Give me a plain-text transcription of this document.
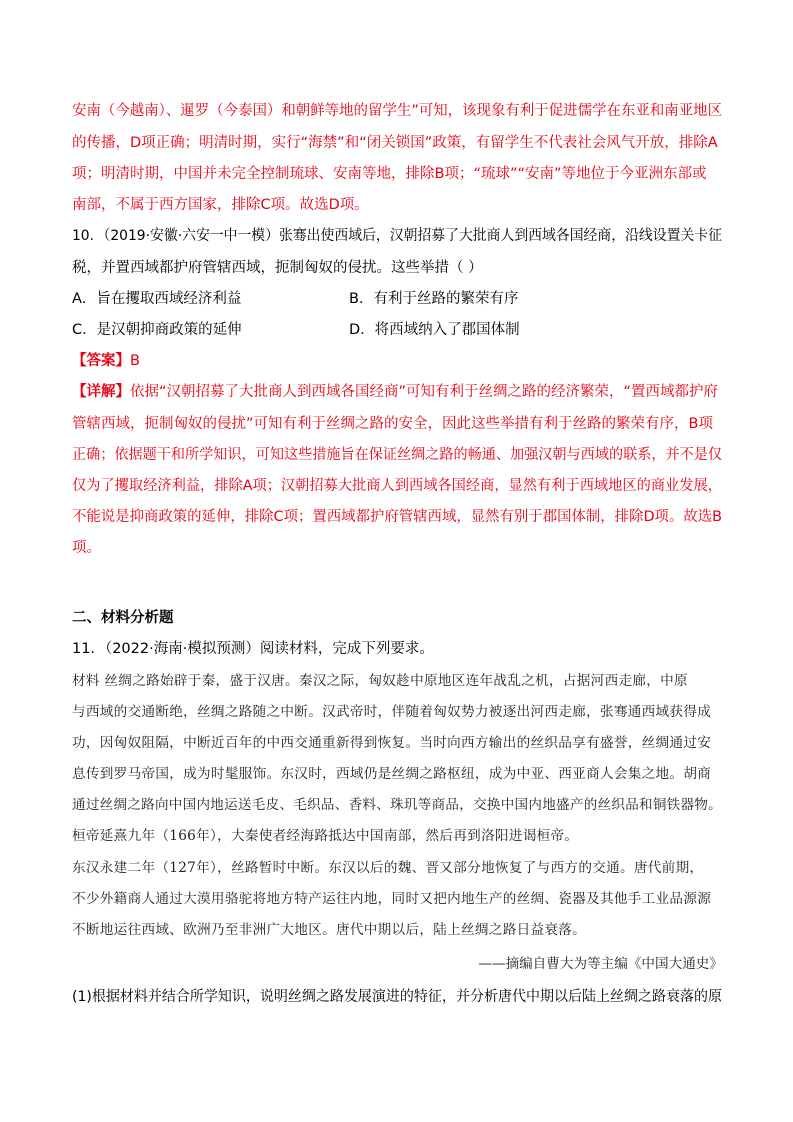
安南（今越南）、暹罗（今泰国）和朝鲜等地的留学生”可知，该现象有利于促进儒学在东亚和南亚地区
的传播，D项正确；明清时期，实行“海禁”和“闭关锁国”政策，有留学生不代表社会风气开放，排除A
项；明清时期，中国并未完全控制琉球、安南等地，排除B项；“琉球”“安南”等地位于今亚洲东部或
南部，不属于西方国家，排除C项。故选D项。
10．（2019·安徽·六安一中一模）张骞出使西域后，汉朝招募了大批商人到西域各国经商，沿线设置关卡征
税，并置西域都护府管辖西域，扼制匈奴的侵扰。这些举措（ ）
A．旨在攫取西域经济利益	B．有利于丝路的繁荣有序
C．是汉朝抑商政策的延伸	D．将西域纳入了郡国体制
【答案】B
【详解】依据“汉朝招募了大批商人到西域各国经商”可知有利于丝绸之路的经济繁荣，“置西域都护府
管辖西域，扼制匈奴的侵扰”可知有利于丝绸之路的安全，因此这些举措有利于丝路的繁荣有序，B项
正确；依据题干和所学知识，可知这些措施旨在保证丝绸之路的畅通、加强汉朝与西域的联系，并不是仅
仅为了攫取经济利益，排除A项；汉朝招募大批商人到西域各国经商，显然有利于西域地区的商业发展，
不能说是抑商政策的延伸，排除C项；置西域都护府管辖西域，显然有别于郡国体制，排除D项。故选B
项。
二、材料分析题
11．（2022·海南·模拟预测）阅读材料，完成下列要求。
材料 丝绸之路始辟于秦，盛于汉唐。秦汉之际，匈奴趁中原地区连年战乱之机，占据河西走廊，中原
与西域的交通断绝，丝绸之路随之中断。汉武帝时，伴随着匈奴势力被逐出河西走廊，张骞通西域获得成
功，因匈奴阻隔，中断近百年的中西交通重新得到恢复。当时向西方输出的丝织品享有盛誉，丝绸通过安
息传到罗马帝国，成为时髦服饰。东汉时，西域仍是丝绸之路枢纽，成为中亚、西亚商人会集之地。胡商
通过丝绸之路向中国内地运送毛皮、毛织品、香料、珠玑等商品，交换中国内地盛产的丝织品和铜铁器物。
桓帝延熹九年（166年），大秦使者经海路抵达中国南部，然后再到洛阳进谒桓帝。
东汉永建二年（127年），丝路暂时中断。东汉以后的魏、晋又部分地恢复了与西方的交通。唐代前期，
不少外籍商人通过大漠用骆驼将地方特产运往内地，同时又把内地生产的丝绸、瓷器及其他手工业品源源
不断地运往西域、欧洲乃至非洲广大地区。唐代中期以后，陆上丝绸之路日益衰落。
——摘编自曹大为等主编《中国大通史》
(1)根据材料并结合所学知识，说明丝绸之路发展演进的特征，并分析唐代中期以后陆上丝绸之路衰落的原
